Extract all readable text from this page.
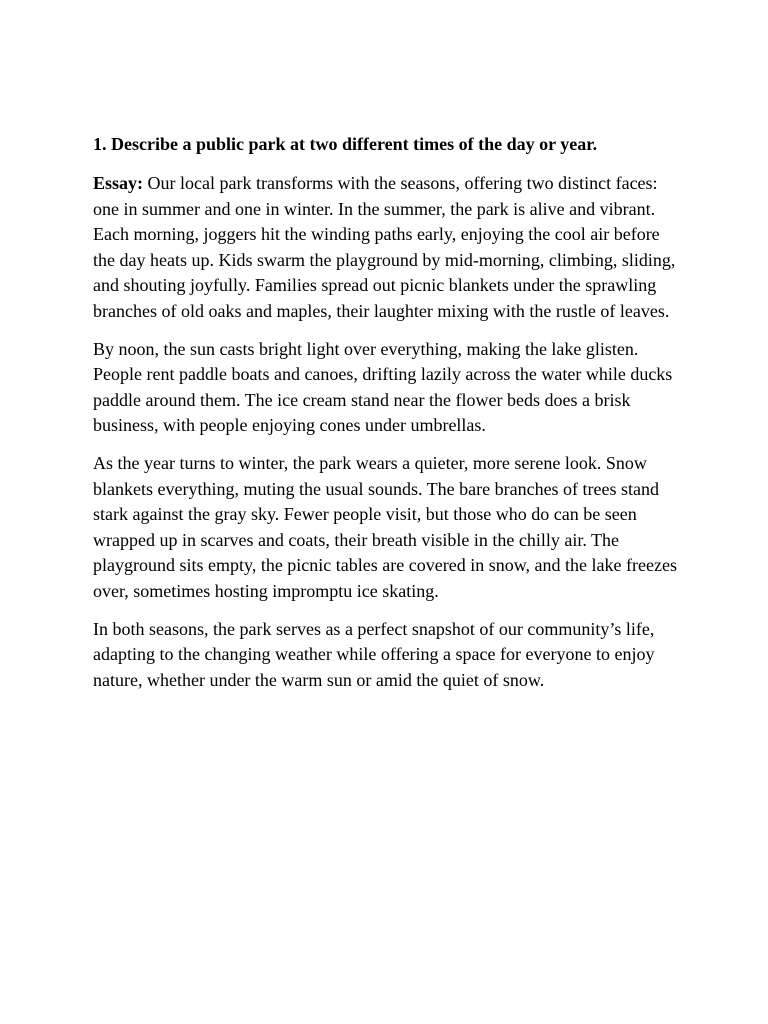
1. Describe a public park at two different times of the day or year.

Essay: Our local park transforms with the seasons, offering two distinct faces: one in summer and one in winter. In the summer, the park is alive and vibrant. Each morning, joggers hit the winding paths early, enjoying the cool air before the day heats up. Kids swarm the playground by mid-morning, climbing, sliding, and shouting joyfully. Families spread out picnic blankets under the sprawling branches of old oaks and maples, their laughter mixing with the rustle of leaves.

By noon, the sun casts bright light over everything, making the lake glisten. People rent paddle boats and canoes, drifting lazily across the water while ducks paddle around them. The ice cream stand near the flower beds does a brisk business, with people enjoying cones under umbrellas.

As the year turns to winter, the park wears a quieter, more serene look. Snow blankets everything, muting the usual sounds. The bare branches of trees stand stark against the gray sky. Fewer people visit, but those who do can be seen wrapped up in scarves and coats, their breath visible in the chilly air. The playground sits empty, the picnic tables are covered in snow, and the lake freezes over, sometimes hosting impromptu ice skating.

In both seasons, the park serves as a perfect snapshot of our community’s life, adapting to the changing weather while offering a space for everyone to enjoy nature, whether under the warm sun or amid the quiet of snow.
